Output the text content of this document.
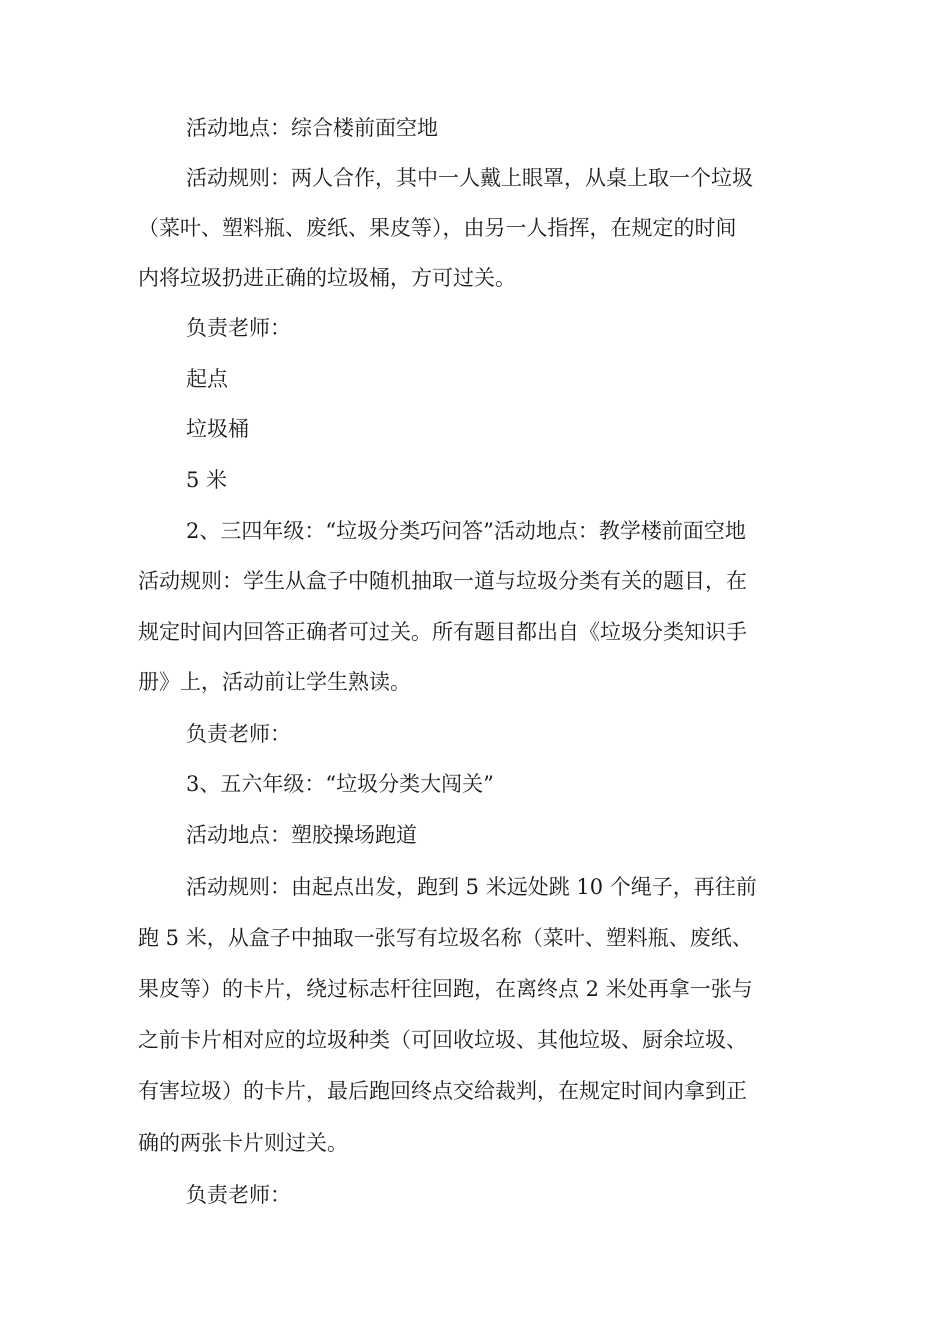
活动地点：综合楼前面空地
活动规则：两人合作，其中一人戴上眼罩，从桌上取一个垃圾
（菜叶、塑料瓶、废纸、果皮等），由另一人指挥，在规定的时间
内将垃圾扔进正确的垃圾桶，方可过关。
负责老师：
起点
垃圾桶
5 米
2、三四年级：“垃圾分类巧问答”活动地点：教学楼前面空地
活动规则：学生从盒子中随机抽取一道与垃圾分类有关的题目，在
规定时间内回答正确者可过关。所有题目都出自《垃圾分类知识手
册》上，活动前让学生熟读。
负责老师：
3、五六年级：“垃圾分类大闯关”
活动地点：塑胶操场跑道
活动规则：由起点出发，跑到 5 米远处跳 10 个绳子，再往前
跑 5 米，从盒子中抽取一张写有垃圾名称（菜叶、塑料瓶、废纸、
果皮等）的卡片，绕过标志杆往回跑，在离终点 2 米处再拿一张与
之前卡片相对应的垃圾种类（可回收垃圾、其他垃圾、厨余垃圾、
有害垃圾）的卡片，最后跑回终点交给裁判，在规定时间内拿到正
确的两张卡片则过关。
负责老师：
